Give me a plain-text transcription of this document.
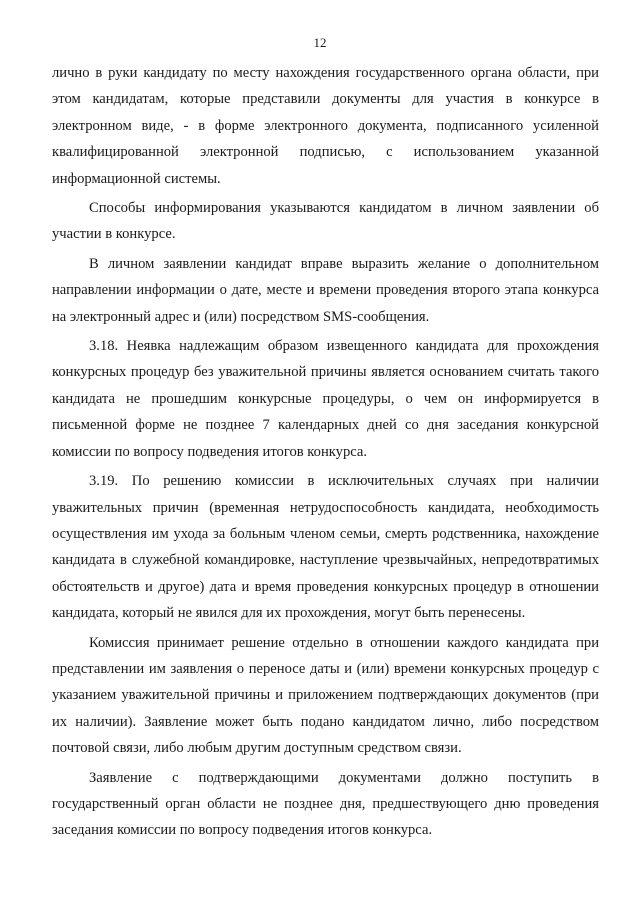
12

лично в руки кандидату по месту нахождения государственного органа области, при этом кандидатам, которые представили документы для участия в конкурсе в электронном виде, - в форме электронного документа, подписанного усиленной квалифицированной электронной подписью, с использованием указанной информационной системы.

Способы информирования указываются кандидатом в личном заявлении об участии в конкурсе.

В личном заявлении кандидат вправе выразить желание о дополнительном направлении информации о дате, месте и времени проведения второго этапа конкурса на электронный адрес и (или) посредством SMS-сообщения.

3.18. Неявка надлежащим образом извещенного кандидата для прохождения конкурсных процедур без уважительной причины является основанием считать такого кандидата не прошедшим конкурсные процедуры, о чем он информируется в письменной форме не позднее 7 календарных дней со дня заседания конкурсной комиссии по вопросу подведения итогов конкурса.

3.19. По решению комиссии в исключительных случаях при наличии уважительных причин (временная нетрудоспособность кандидата, необходимость осуществления им ухода за больным членом семьи, смерть родственника, нахождение кандидата в служебной командировке, наступление чрезвычайных, непредотвратимых обстоятельств и другое) дата и время проведения конкурсных процедур в отношении кандидата, который не явился для их прохождения, могут быть перенесены.

Комиссия принимает решение отдельно в отношении каждого кандидата при представлении им заявления о переносе даты и (или) времени конкурсных процедур с указанием уважительной причины и приложением подтверждающих документов (при их наличии). Заявление может быть подано кандидатом лично, либо посредством почтовой связи, либо любым другим доступным средством связи.

Заявление с подтверждающими документами должно поступить в государственный орган области не позднее дня, предшествующего дню проведения заседания комиссии по вопросу подведения итогов конкурса.
